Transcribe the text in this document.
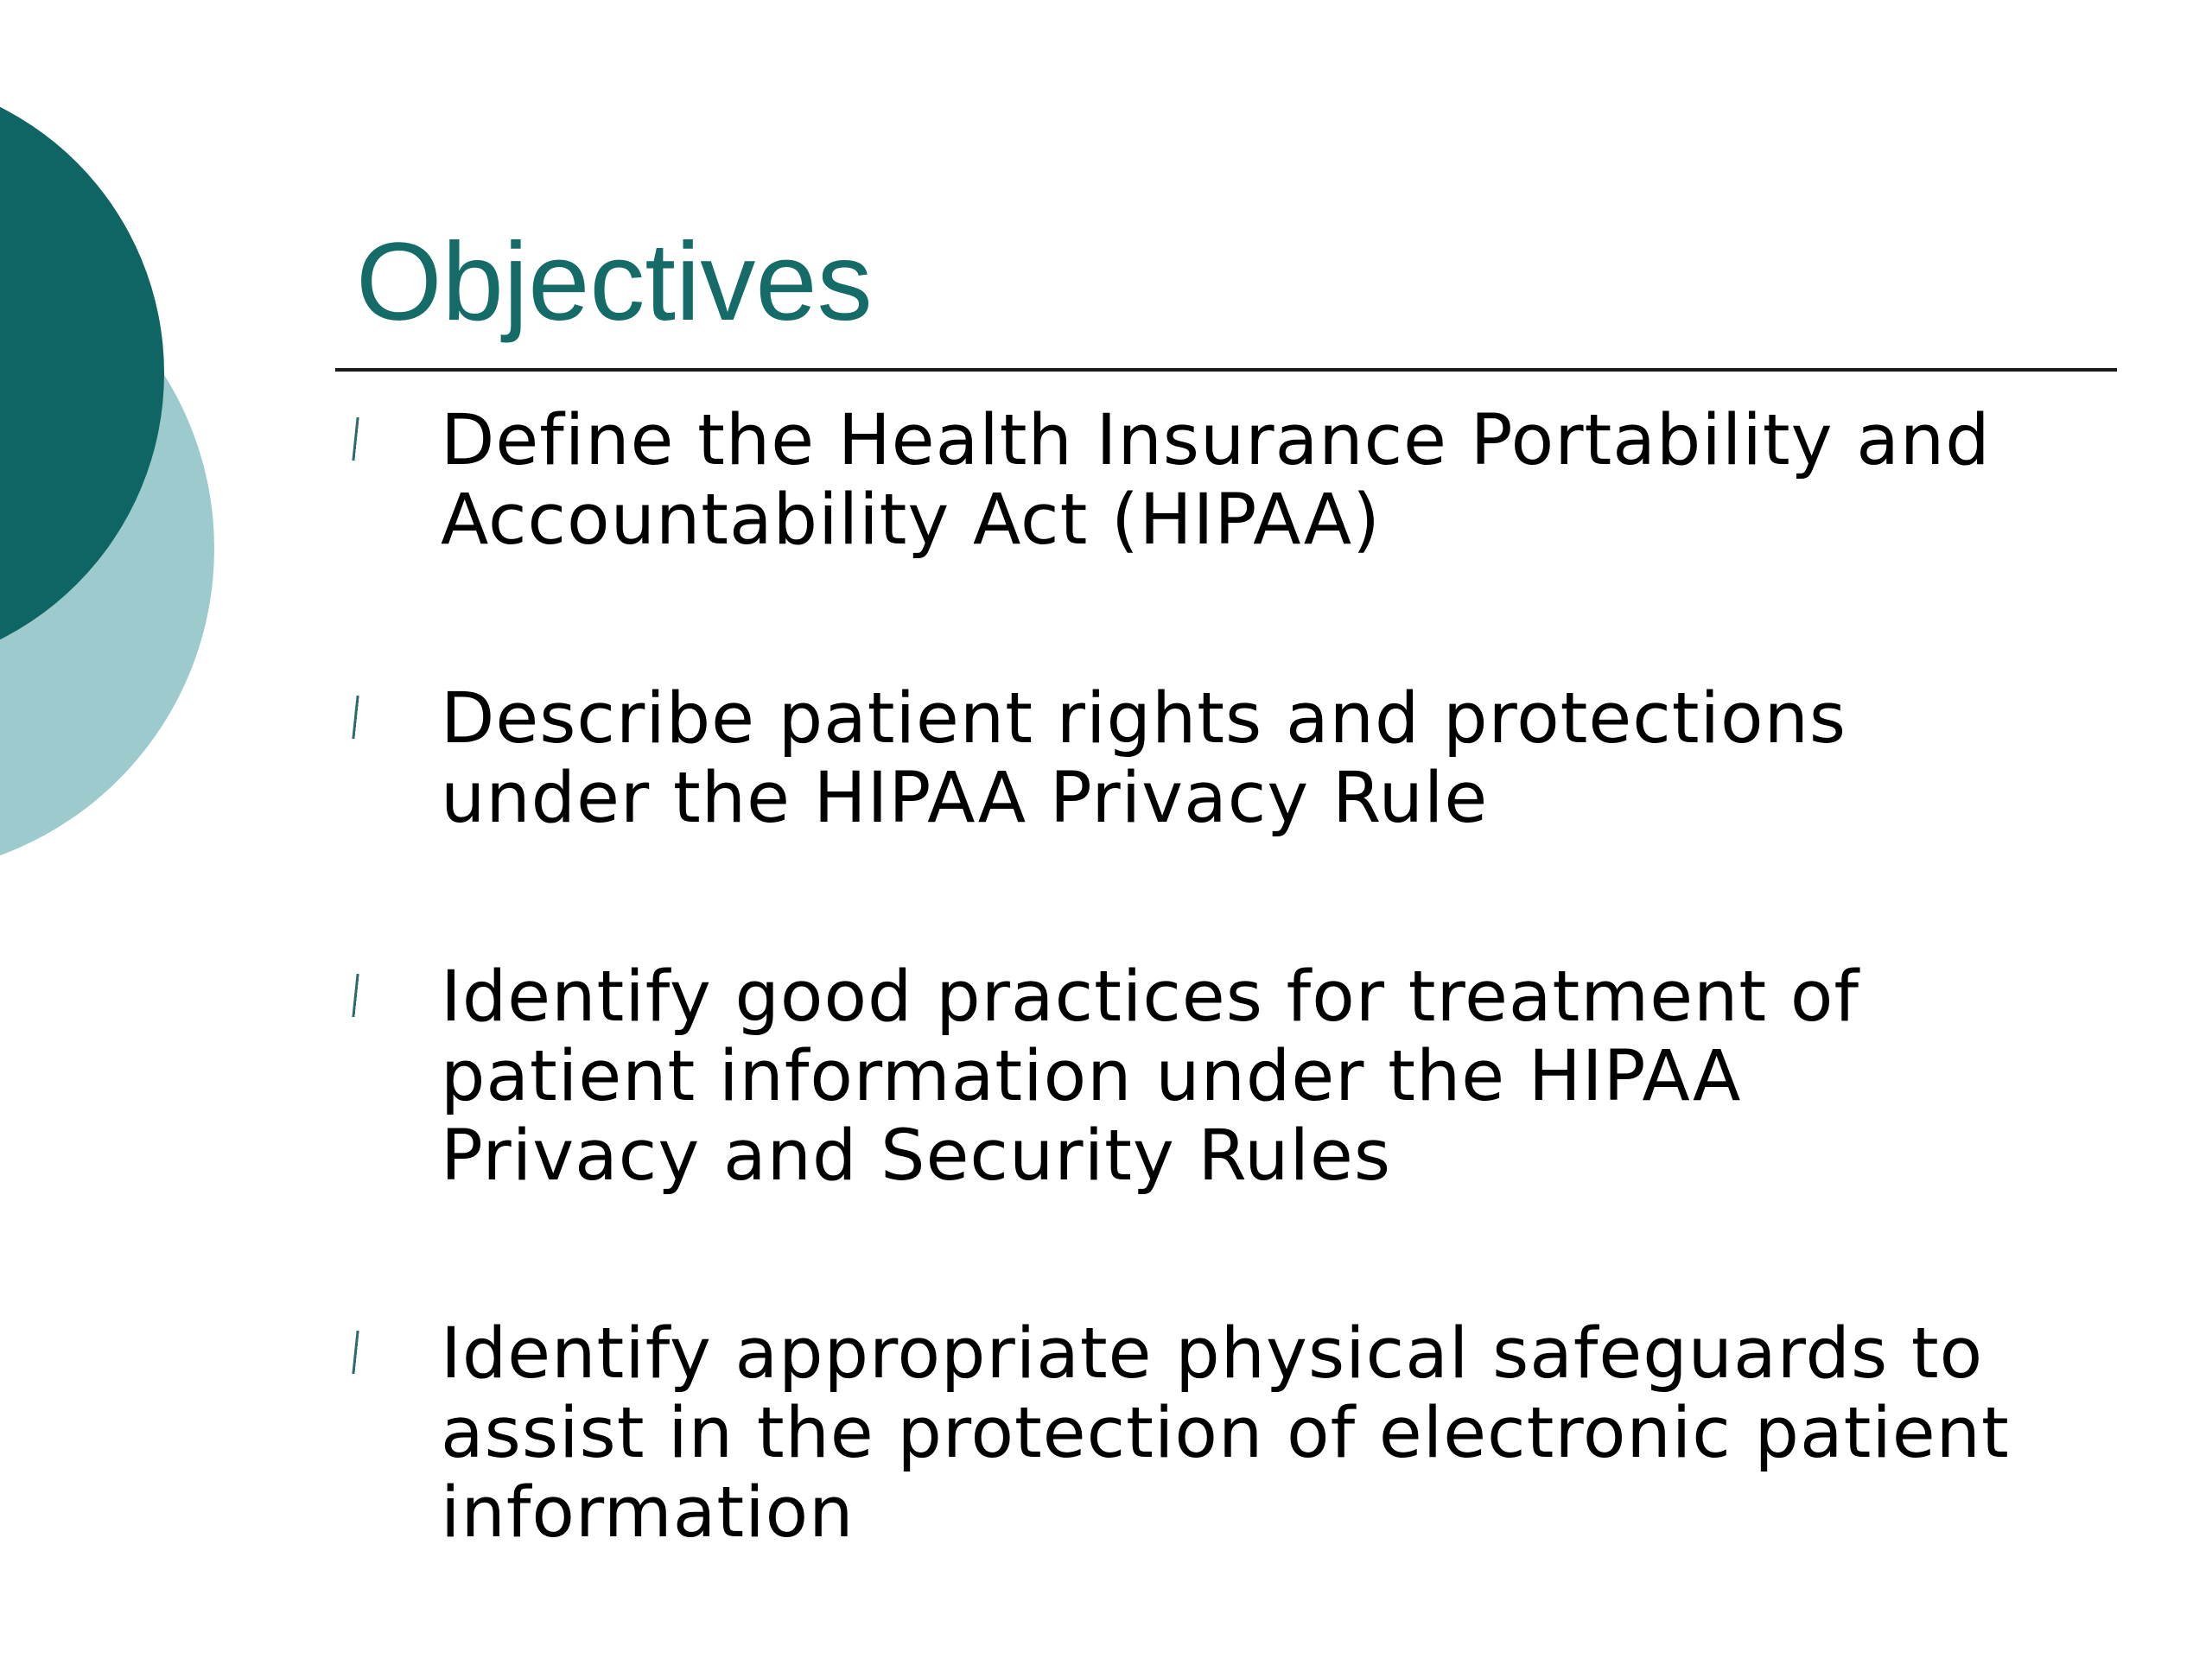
Objectives
Define the Health Insurance Portability and
Accountability Act (HIPAA)
Describe patient rights and protections
under the HIPAA Privacy Rule
Identify good practices for treatment of
patient information under the HIPAA
Privacy and Security Rules
Identify appropriate physical safeguards to
assist in the protection of electronic patient
information
